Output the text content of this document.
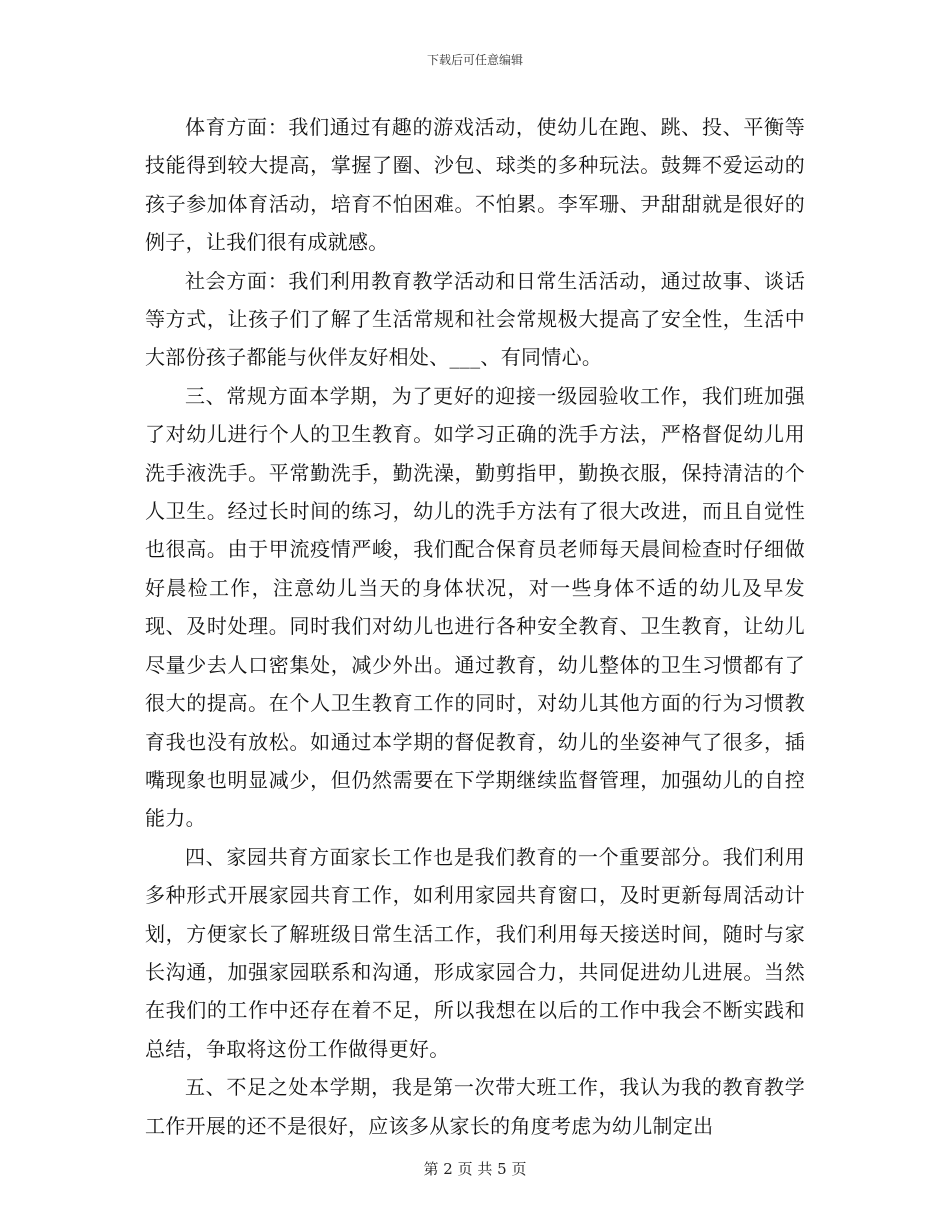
下载后可任意编辑

体育方面：我们通过有趣的游戏活动，使幼儿在跑、跳、投、平衡等技能得到较大提高，掌握了圈、沙包、球类的多种玩法。鼓舞不爱运动的孩子参加体育活动，培育不怕困难。不怕累。李军珊、尹甜甜就是很好的例子，让我们很有成就感。

社会方面：我们利用教育教学活动和日常生活活动，通过故事、谈话等方式，让孩子们了解了生活常规和社会常规极大提高了安全性，生活中大部份孩子都能与伙伴友好相处、___、有同情心。

三、常规方面本学期，为了更好的迎接一级园验收工作，我们班加强了对幼儿进行个人的卫生教育。如学习正确的洗手方法，严格督促幼儿用洗手液洗手。平常勤洗手，勤洗澡，勤剪指甲，勤换衣服，保持清洁的个人卫生。经过长时间的练习，幼儿的洗手方法有了很大改进，而且自觉性也很高。由于甲流疫情严峻，我们配合保育员老师每天晨间检查时仔细做好晨检工作，注意幼儿当天的身体状况，对一些身体不适的幼儿及早发现、及时处理。同时我们对幼儿也进行各种安全教育、卫生教育，让幼儿尽量少去人口密集处，减少外出。通过教育，幼儿整体的卫生习惯都有了很大的提高。在个人卫生教育工作的同时，对幼儿其他方面的行为习惯教育我也没有放松。如通过本学期的督促教育，幼儿的坐姿神气了很多，插嘴现象也明显减少，但仍然需要在下学期继续监督管理，加强幼儿的自控能力。

四、家园共育方面家长工作也是我们教育的一个重要部分。我们利用多种形式开展家园共育工作，如利用家园共育窗口，及时更新每周活动计划，方便家长了解班级日常生活工作，我们利用每天接送时间，随时与家长沟通，加强家园联系和沟通，形成家园合力，共同促进幼儿进展。当然在我们的工作中还存在着不足，所以我想在以后的工作中我会不断实践和总结，争取将这份工作做得更好。

五、不足之处本学期，我是第一次带大班工作，我认为我的教育教学工作开展的还不是很好，应该多从家长的角度考虑为幼儿制定出

第 2 页 共 5 页
